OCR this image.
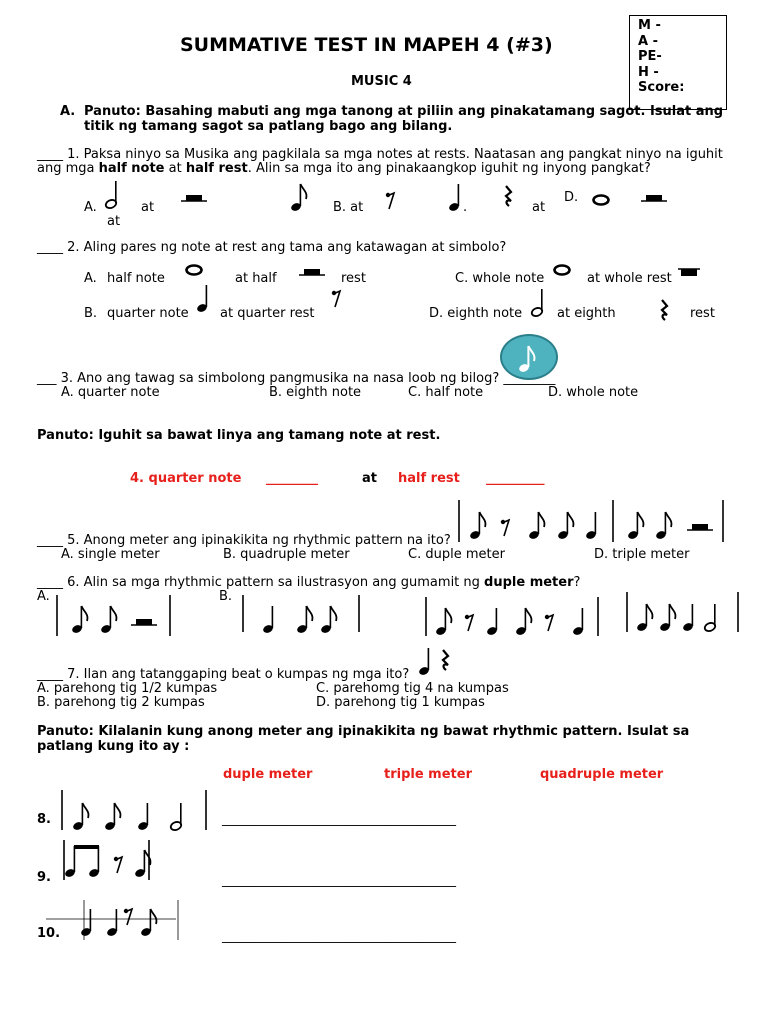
SUMMATIVE TEST IN MAPEH 4 (#3)
MUSIC 4
M -
A -
PE-
H -
Score:
A. Panuto: Basahing mabuti ang mga tanong at piliin ang pinakatamang sagot. Isulat ang
titik ng tamang sagot sa patlang bago ang bilang.
____ 1. Paksa ninyo sa Musika ang pagkilala sa mga notes at rests. Naatasan ang pangkat ninyo na iguhit
ang mga half note at half rest. Alin sa mga ito ang pinakaangkop iguhit ng inyong pangkat?
A.
at
at	B. at	.	at
D.
____ 2. Aling pares ng note at rest ang tama ang katawagan at simbolo?
A. half note	at half	rest	C. whole note	at whole rest
B. quarter note at quarter rest	D. eighth note	at eighth	rest
___ 3. Ano ang tawag sa simbolong pangmusika na nasa loob ng bilog? ________
A. quarter note	B. eighth note	C. half note	D. whole note
Panuto: Iguhit sa bawat linya ang tamang note at rest.
4. quarter note ________	at half rest _________
____ 5. Anong meter ang ipinakikita ng rhythmic pattern na ito?
A. single meter	B. quadruple meter	C. duple meter	D. triple meter
____ 6. Alin sa mga rhythmic pattern sa ilustrasyon ang gumamit ng duple meter?
A.	B.
____ 7. Ilan ang tatanggaping beat o kumpas ng mga ito?
A. parehong tig 1/2 kumpas	C. parehomg tig 4 na kumpas
B. parehong tig 2 kumpas	D. parehong tig 1 kumpas
Panuto: Kilalanin kung anong meter ang ipinakikita ng bawat rhythmic pattern. Isulat sa
patlang kung ito ay :
duple meter	triple meter	quadruple meter
8.	____________________________________
9.	____________________________________
10.	____________________________________
